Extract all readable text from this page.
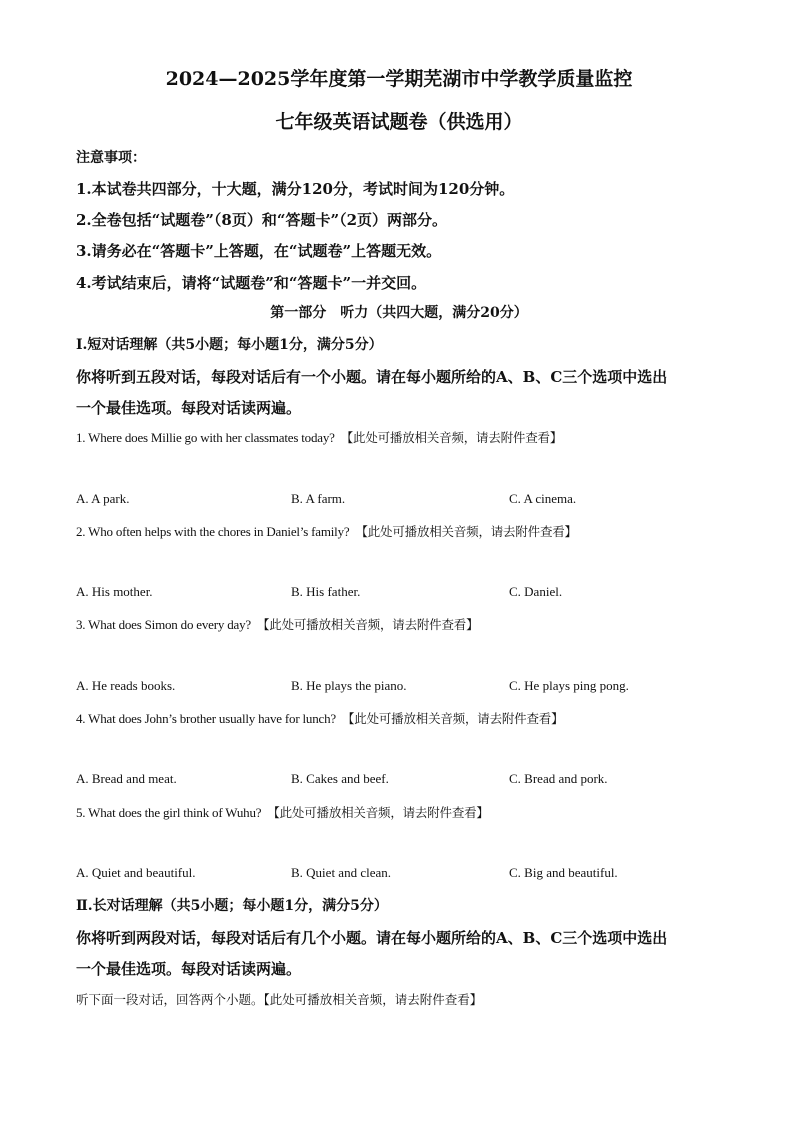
2024—2025学年度第一学期芜湖市中学教学质量监控
七年级英语试题卷（供选用）
注意事项：
1.本试卷共四部分，十大题，满分120分，考试时间为120分钟。
2.全卷包括“试题卷”（8页）和“答题卡”（2页）两部分。
3.请务必在“答题卡”上答题，在“试题卷”上答题无效。
4.考试结束后，请将“试题卷”和“答题卡”一并交回。
第一部分　听力（共四大题，满分20分）
Ⅰ.短对话理解（共5小题；每小题1分，满分5分）
你将听到五段对话，每段对话后有一个小题。请在每小题所给的A、B、C三个选项中选出
一个最佳选项。每段对话读两遍。
1. Where does Millie go with her classmates today? 【此处可播放相关音频，请去附件查看】
A. A park.	B. A farm.	C. A cinema.
2. Who often helps with the chores in Daniel’s family? 【此处可播放相关音频，请去附件查看】
A. His mother.	B. His father.	C. Daniel.
3. What does Simon do every day? 【此处可播放相关音频，请去附件查看】
A. He reads books.	B. He plays the piano.	C. He plays ping pong.
4. What does John’s brother usually have for lunch? 【此处可播放相关音频，请去附件查看】
A. Bread and meat.	B. Cakes and beef.	C. Bread and pork.
5. What does the girl think of Wuhu? 【此处可播放相关音频，请去附件查看】
A. Quiet and beautiful.	B. Quiet and clean.	C. Big and beautiful.
Ⅱ.长对话理解（共5小题；每小题1分，满分5分）
你将听到两段对话，每段对话后有几个小题。请在每小题所给的A、B、C三个选项中选出
一个最佳选项。每段对话读两遍。
听下面一段对话，回答两个小题。【此处可播放相关音频，请去附件查看】
